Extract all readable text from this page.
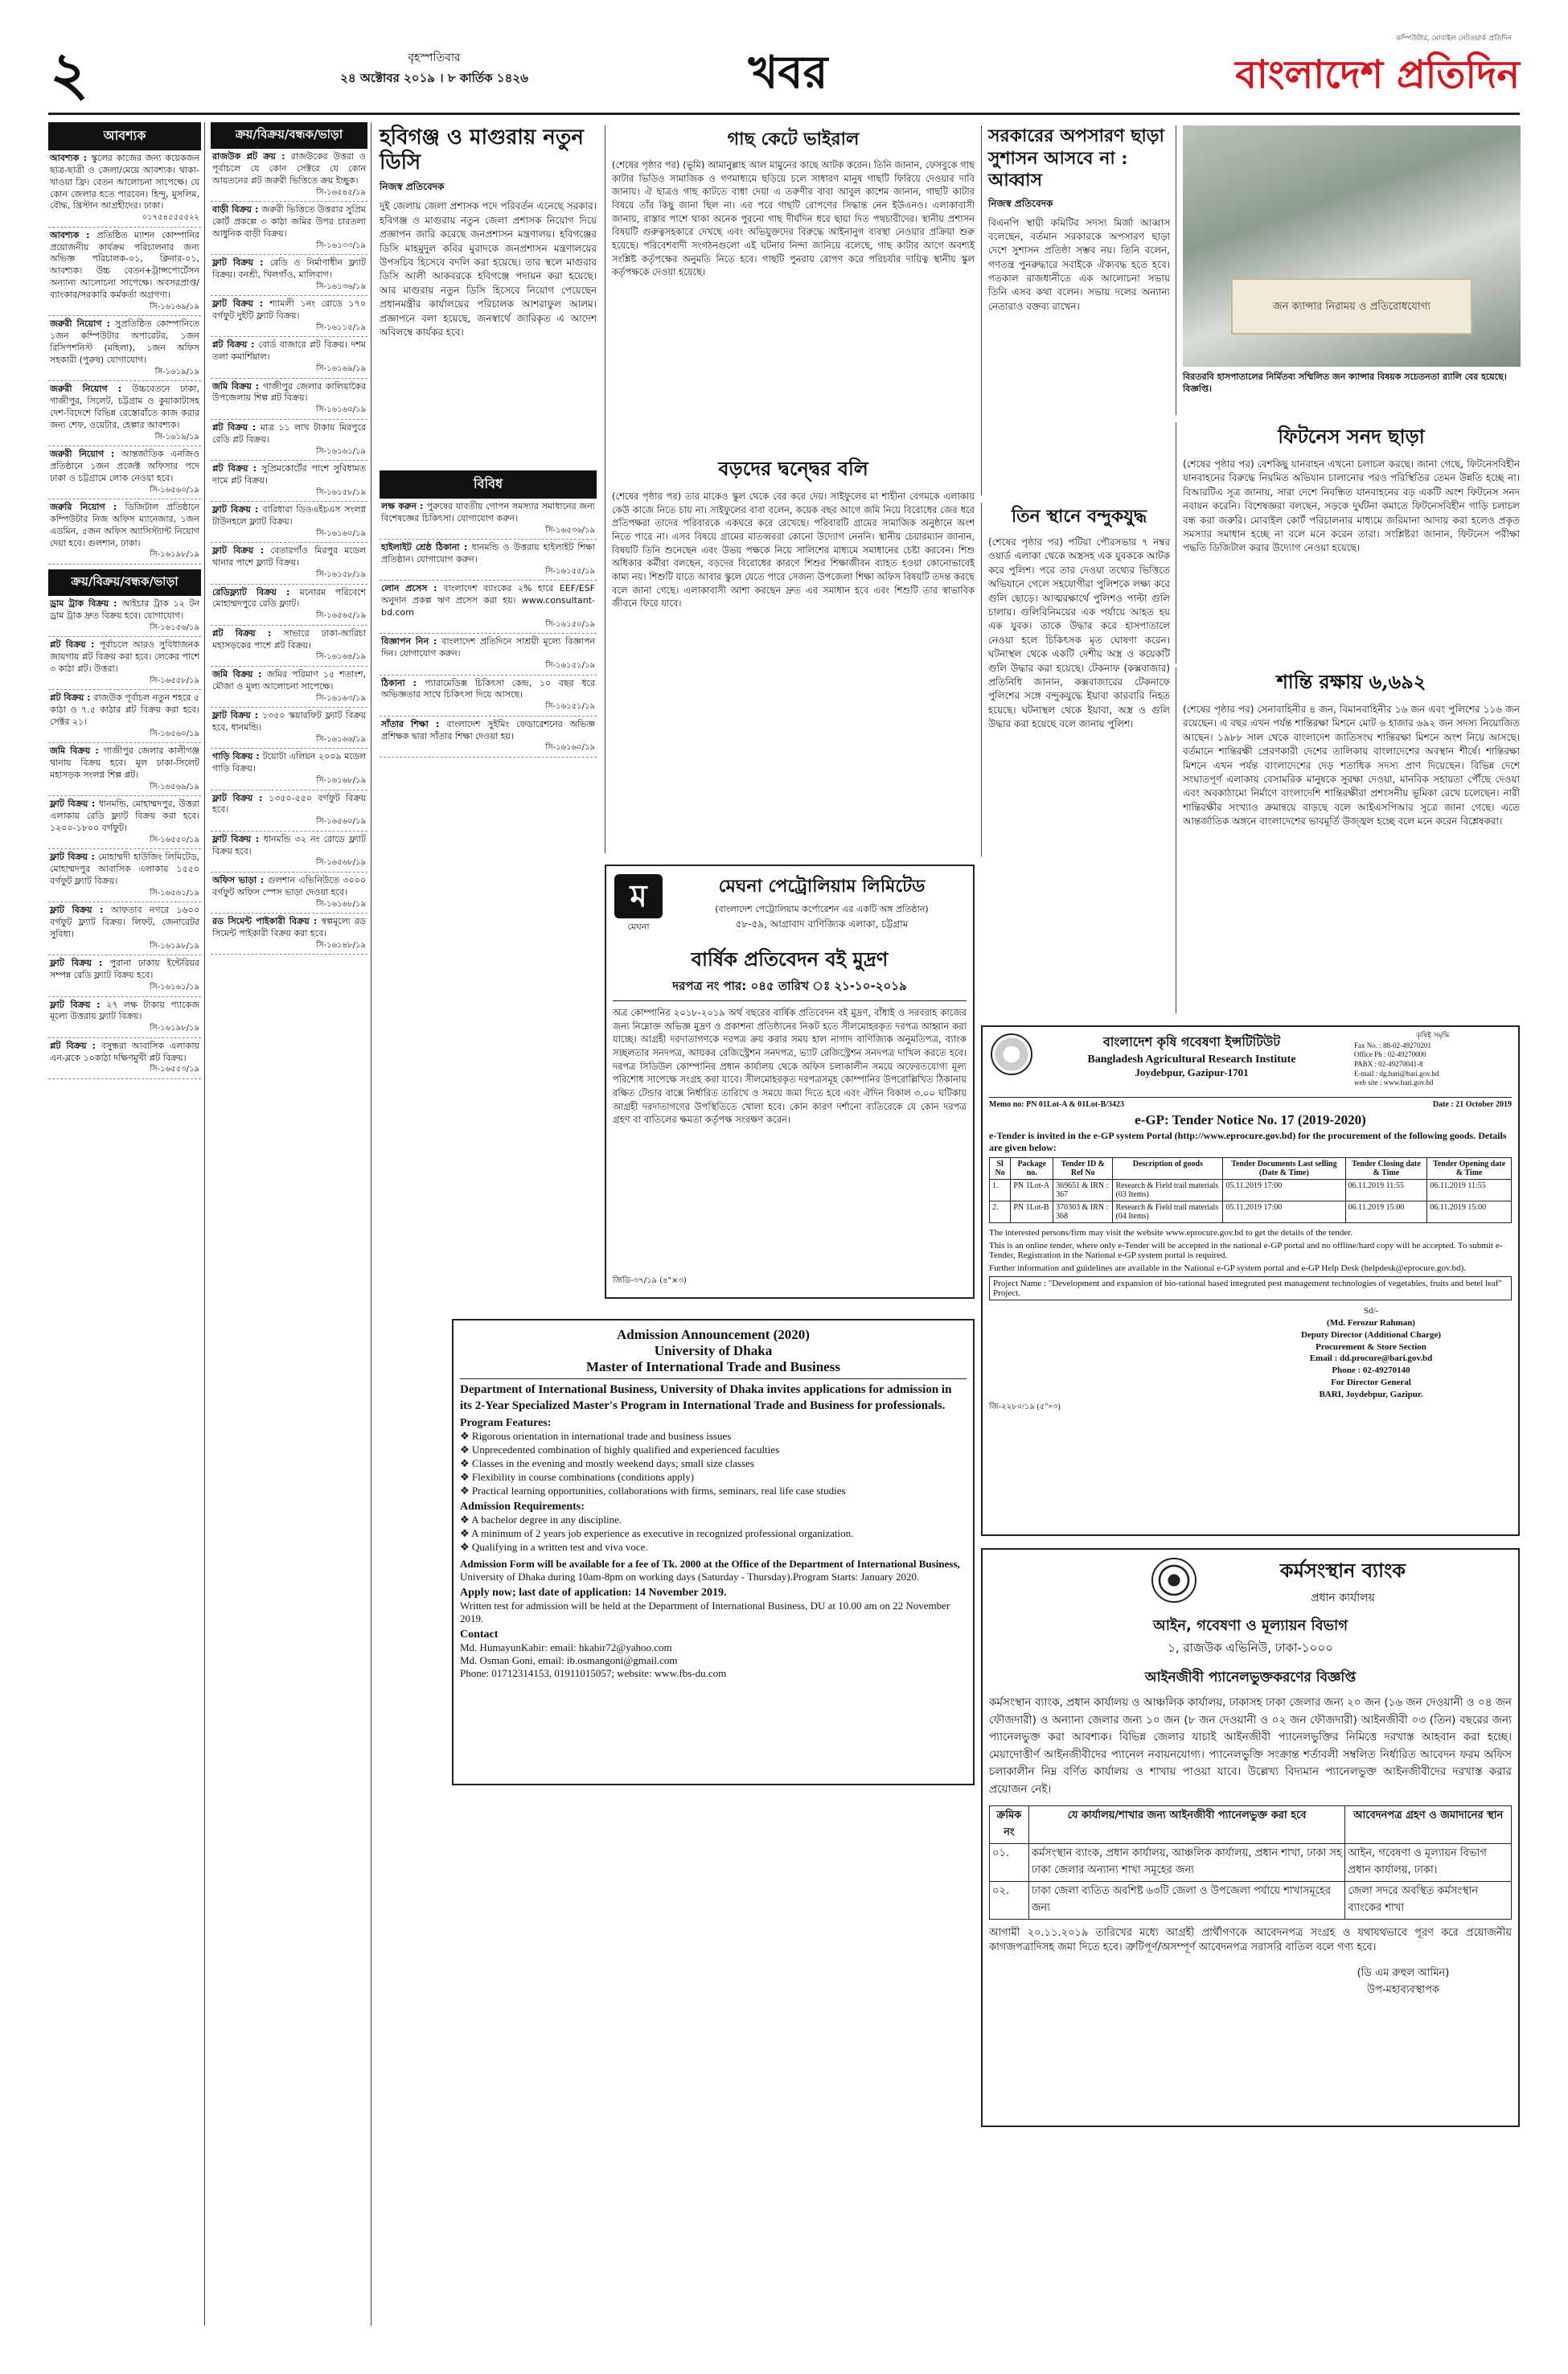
২	বৃহস্পতিবার
২৪ অক্টোবর ২০১৯ । ৮ কার্তিক ১৪২৬	খবর
কম্পিউটার, মোবাইল নেটওয়ার্ক প্রতিদিন
বাংলাদেশ প্রতিদিন
আবশ্যক
আবশ্যক : স্কুলের কাজের জন্য কয়েকজন ছাত্র-ছাত্রী ও জেলা/মেয়ে আবশ্যক। থাকা-খাওয়া ফ্রি। বেতন আলোচনা সাপেক্ষে। যে কোন জেলার হতে পারবেন। হিন্দু, মুসলিম, বৌদ্ধ, খ্রিস্টান আগ্রহীদের। ঢাকা।
০১৭৫৪৫৫৫৫২২
আবশ্যক : প্রতিষ্ঠিত ম্যাশন কোম্পানির প্রয়োজনীয় কার্যক্রম পরিচালনার জন্য অভিজ্ঞ পরিচালক-০১, ক্লিনার-০১, আবশ্যক। উচ্চ বেতন+ট্রান্সপোর্টেসন অন্যান্য আলোচনা সাপেক্ষে। অবসরপ্রাপ্ত/ব্যাংকার/সরকারি কর্মকর্তা অগ্রগণ্য।
সি-১৬১৬৯/১৯
জরুরী নিয়োগ : সুপ্রতিষ্ঠিত কোম্পানিতে ১জন কম্পিউটার অপারেটর, ১জন রিসিপশনিস্ট (মহিলা), ১জন অফিস সহকারী (পুরুষ) যোগাযোগ।
সি-১৬১৯/১৯
জরুরী নিয়োগ : উচ্চবেতনে ঢাকা, গাজীপুর, সিলেট, চট্টগ্রাম ও কুয়াকাটাসহ দেশ-বিদেশে বিভিন্ন রেস্তোরাঁতে কাজ করার জন্য শেফ, ওয়েটার, হেল্পার আবশ্যক।
সি-১৬১৯/১৯
জরুরী নিয়োগ : আন্তর্জাতিক এনজিও প্রতিষ্ঠানে ১জন প্রজেক্ট অফিসার পদে ঢাকা ও চট্টগ্রামে লোক নেওয়া হবে।
সি-১৬৫৬০/১৯
জরুরি নিয়োগ : ডিজিটাল প্রতিষ্ঠানে কম্পিউটার নিজ অফিস ম্যানেজার, ১জন এডমিন, ৫জন অফিস অ্যাসিস্ট্যান্ট নিয়োগ দেয়া হবে। গুলশান, ঢাকা।
সি-১৬১৯৮/১৯
ক্রয়/বিক্রয়/বন্ধক/ভাড়া
ড্রাম ট্রাক বিক্রয় : আইচার ট্রাক ১২ টন ড্রাম ট্রাক দ্রুত বিক্রয় হবে। যোগাযোগ।
সি-১৬১৫৬/১৯
প্লট বিক্রয় : পূর্বাচলে আরও সুবিধাজনক জায়গায় প্লট বিক্রয় করা হবে। লেকের পাশে ৩ কাঠা প্লট। উত্তরা।
সি-১৬৫৫৮/১৯
প্লট বিক্রয় : রাজউক পূর্বাচল নতুন শহরে ৫ কাঠা ও ৭.৫ কাঠার প্লট বিক্রয় করা হবে। সেক্টর ২১।
সি-১৬৫৬০/১৯
জমি বিক্রয় : গাজীপুর জেলার কালীগঞ্জ থানায় বিক্রয় হবে। মূল ঢাকা-সিলেট মহাসড়ক সংলগ্ন শিল্প প্লট।
সি-১৬৫৬৯/১৯
ফ্লাট বিক্রয় : ধানমন্ডি, মোহাম্মদপুর, উত্তরা এলাকায় রেডি ফ্ল্যাট বিক্রয় করা হবে। ১২০০-১৮০০ বর্গফুট।
সি-১৬৫৫০/১৯
ফ্লাট বিক্রয় : মোহাম্মদী হাউজিং লিমিটেড, মোহাম্মদপুর আবাসিক এলাকায় ১৫৫০ বর্গফুট ফ্ল্যাট বিক্রয়।
সি-১৬৫৬১/১৯
ফ্লাট বিক্রয় : আফতাব নগরে ১৬০০ বর্গফুট ফ্ল্যাট বিক্রয়। লিফট, জেনারেটর সুবিধা।
সি-১৬১৯৮/১৯
ফ্লাট বিক্রয় : পুরানা ঢাকায় ইন্টেরিয়র সম্পন্ন রেডি ফ্ল্যাট বিক্রয় হবে।
সি-১৬১৬১/১৯
ফ্লাট বিক্রয় : ২৭ লক্ষ টাকায় প্যাকেজ মূল্যে উত্তরায় ফ্ল্যাট বিক্রয়।
সি-১৬১৯৮/১৯
প্লট বিক্রয় : বসুন্ধরা আবাসিক এলাকায় এন-ব্লকে ১০কাঠা দক্ষিণমুখী প্লট বিক্রয়।
সি-১৬৫৫৩/১৯
ক্রয়/বিক্রয়/বন্ধক/ভাড়া
রাজউক প্লট ক্রয় : রাজউকের উত্তরা ও পূর্বাচলে যে কোন সেক্টরে যে কোন আয়তনের প্লট জরুরী ভিত্তিতে ক্রয় ইচ্ছুক।
সি-১৬৫৪৫/১৯
বাড়ী বিক্রয় : জরুরী ভিত্তিতে উত্তরার সুপ্রিম কোর্ট প্রকল্পে ৩ কাঠা জমির উপর চারতলা আধুনিক বাড়ী বিক্রয়।
সি-১৬১৩৩/১৯
ফ্লাট বিক্রয় : রেডি ও নির্মাণাধীন ফ্ল্যাট বিক্রয়। বনশ্রী, খিলগাঁও, মালিবাগ।
সি-১৬১৩৬/১৯
ফ্লাট বিক্রয় : শ্যামলী ১নং রোডে ১৭০ বর্গফুট দুইটি ফ্ল্যাট বিক্রয়।
সি-১৬১১৫/১৯
প্লট বিক্রয় : বোর্ড বাজারে প্লট বিক্রয়। দশম তলা কমার্শিয়াল।
সি-১৬১৬৯/১৯
জমি বিক্রয় : গাজীপুর জেলার কালিয়াকৈর উপজেলায় শিল্প প্লট বিক্রয়।
সি-১৬১৬০/১৯
প্লট বিক্রয় : মাত্র ১১ লাখ টাকায় মিরপুরে রেডি প্লট বিক্রয়।
সি-১৬১৬১/১৯
প্লট বিক্রয় : সুপ্রিমকোর্টের পাশে সুবিধামত দামে প্লট বিক্রয়।
সি-১৬১৫৮/১৯
ফ্লাট বিক্রয় : বারিধারা ডিওএইচএস সংলগ্ন টাউনহলে ফ্ল্যাট বিক্রয়।
সি-১৬১৬০/১৯
ফ্লাট বিক্রয় : বেতারগাঁও মিরপুর মডেল থানার পাশে ফ্ল্যাট বিক্রয়।
সি-১৬১৫৮/১৯
রেডিফ্ল্যাট বিক্রয় : মনোরম পরিবেশে মোহাম্মদপুরে রেডি ফ্ল্যাট।
সি-১৬৫৬৫/১৯
প্লট বিক্রয় : সাভারে ঢাকা-আরিচা মহাসড়কের পাশে প্লট বিক্রয়।
সি-১৬১৬৪/১৯
জমি বিক্রয় : জমির পরিমাণ ১৫ শতাংশ, মৌজা ও মূল্য আলোচনা সাপেক্ষে।
সি-১৬১৬৩/১৯
ফ্লাট বিক্রয় : ১৩৫০ স্কয়ারফিট ফ্ল্যাট বিক্রয় হবে, ধানমন্ডি।
সি-১৬১৬৬/১৯
গাড়ি বিক্রয় : টয়োটা এলিয়ন ২০০৯ মডেল গাড়ি বিক্রয়।
সি-১৬১৬৮/১৯
ফ্লাট বিক্রয় : ১৩৫০-৫৫০ বর্গফুট বিক্রয় হবে।
সি-১৬৫৬০/১৯
ফ্লাট বিক্রয় : ধানমন্ডি ৩২ নং রোডে ফ্ল্যাট বিক্রয় হবে।
সি-১৬৫৬৮/১৯
অফিস ভাড়া : গুলশান এভিনিউতে ৩০০০ বর্গফুট অফিস স্পেস ভাড়া দেওয়া হবে।
সি-১৬১৬৮/১৯
রড সিমেন্ট পাইকারী বিক্রয় : স্বল্পমূল্যে রড সিমেন্ট পাইকারী বিক্রয় করা হবে।
সি-১৬১৪৮/১৯
হবিগঞ্জ ও মাগুরায় নতুন ডিসি
নিজস্ব প্রতিবেদক
দুই জেলায় জেলা প্রশাসক পদে পরিবর্তন এনেছে সরকার। হবিগঞ্জ ও মাগুরায় নতুন জেলা প্রশাসক নিয়োগ দিয়ে প্রজ্ঞাপন জারি করেছে জনপ্রশাসন মন্ত্রণালয়। হবিগঞ্জের ডিসি মাহমুদুল কবির মুরাদকে জনপ্রশাসন মন্ত্রণালয়ের উপসচিব হিসেবে বদলি করা হয়েছে। তার স্থলে মাগুরার ডিসি আলী আকবরকে হবিগঞ্জে পদায়ন করা হয়েছে। আর মাগুরায় নতুন ডিসি হিসেবে নিয়োগ পেয়েছেন প্রধানমন্ত্রীর কার্যালয়ের পরিচালক আশরাফুল আলম। প্রজ্ঞাপনে বলা হয়েছে, জনস্বার্থে জারিকৃত এ আদেশ অবিলম্বে কার্যকর হবে।
বিবিধ
লক্ষ করুন : পুরুষের যাবতীয় গোপন সমস্যার সমাধানের জন্য বিশেষজ্ঞের চিকিৎসা। যোগাযোগ করুন।
সি-১৬৫৩৬/১৯
হাইলাইট শ্রেষ্ঠ ঠিকানা : ধানমন্ডি ও উত্তরায় হাইলাইট শিক্ষা প্রতিষ্ঠান। যোগাযোগ করুন।
সি-১৬১৫৫/১৯
লোন প্রসেস : বাংলাদেশ ব্যাংকের ২% হারে EEF/ESF অনুদান প্রকল্প ঋণ প্রসেস করা হয়। www.consultant-bd.com
সি-১৬১৫০/১৯
বিজ্ঞাপন নিন : বাংলাদেশ প্রতিদিনে সাশ্রয়ী মূল্যে বিজ্ঞাপন দিন। যোগাযোগ করুন।
সি-১৬১৫১/১৯
ঠিকানা : প্যারামেডিক্স চিকিৎসা কেন্দ্র, ১০ বছর ধরে অভিজ্ঞতার সাথে চিকিৎসা দিয়ে আসছে।
সি-১৬১৫১/১৯
সাঁতার শিক্ষা : বাংলাদেশ সুইমিং ফেডারেশনের অভিজ্ঞ প্রশিক্ষক দ্বারা সাঁতার শিক্ষা দেওয়া হয়।
সি-১৬১৬০/১৯
গাছ কেটে ভাইরাল
(শেষের পৃষ্ঠার পর) (ভূমি) আমানুল্লাহ আল মামুনের কাছে আটক করেন। তিনি জানান, ফেসবুকে গাছ কাটার ভিডিও সামাজিক ও গণমাধ্যমে ছড়িয়ে চলে সাধারণ মানুষ গাছটি ফিরিয়ে দেওয়ার দাবি জানায়। ঐ ছাত্রও গাছ কাটতে বাধা দেয়া এ তরুণীর বাবা আবুল কাশেম জানান, গাছটি কাটার বিষয়ে তাঁর কিছু জানা ছিল না। এর পরে গাছটি রোপণের সিদ্ধান্ত নেন ইউএনও। এলাকাবাসী জানায়, রাস্তার পাশে থাকা অনেক পুরনো গাছ দীর্ঘদিন ধরে ছায়া দিত পথচারীদের। স্থানীয় প্রশাসন বিষয়টি গুরুত্বসহকারে দেখছে এবং অভিযুক্তদের বিরুদ্ধে আইনানুগ ব্যবস্থা নেওয়ার প্রক্রিয়া শুরু হয়েছে। পরিবেশবাদী সংগঠনগুলো এই ঘটনার নিন্দা জানিয়ে বলেছে, গাছ কাটার আগে অবশ্যই সংশ্লিষ্ট কর্তৃপক্ষের অনুমতি নিতে হবে। গাছটি পুনরায় রোপণ করে পরিচর্যার দায়িত্ব স্থানীয় স্কুল কর্তৃপক্ষকে দেওয়া হয়েছে।
বড়দের দ্বন্দ্বের বলি
(শেষের পৃষ্ঠার পর) তার মাকেও স্কুল থেকে বের করে দেয়। সাইফুলের মা শাহীনা বেগমকে এলাকায় কেউ কাজে নিতে চায় না। সাইফুলের বাবা বলেন, কয়েক বছর আগে জমি নিয়ে বিরোধের জের ধরে প্রতিপক্ষরা তাদের পরিবারকে একঘরে করে রেখেছে। পরিবারটি গ্রামের সামাজিক অনুষ্ঠানে অংশ নিতে পারে না। এসব বিষয়ে গ্রামের মাতব্বররা কোনো উদ্যোগ নেননি। স্থানীয় চেয়ারম্যান জানান, বিষয়টি তিনি শুনেছেন এবং উভয় পক্ষকে নিয়ে সালিশের মাধ্যমে সমাধানের চেষ্টা করবেন। শিশু অধিকার কর্মীরা বলছেন, বড়দের বিরোধের কারণে শিশুর শিক্ষাজীবন ব্যাহত হওয়া কোনোভাবেই কাম্য নয়। শিশুটি যাতে আবার স্কুলে যেতে পারে সেজন্য উপজেলা শিক্ষা অফিস বিষয়টি তদন্ত করছে বলে জানা গেছে। এলাকাবাসী আশা করছেন দ্রুত এর সমাধান হবে এবং শিশুটি তার স্বাভাবিক জীবনে ফিরে যাবে।
সরকারের অপসারণ ছাড়া সুশাসন আসবে না : আব্বাস
নিজস্ব প্রতিবেদক
বিএনপি স্থায়ী কমিটির সদস্য মির্জা আব্বাস বলেছেন, বর্তমান সরকারকে অপসারণ ছাড়া দেশে সুশাসন প্রতিষ্ঠা সম্ভব নয়। তিনি বলেন, গণতন্ত্র পুনরুদ্ধারে সবাইকে ঐক্যবদ্ধ হতে হবে। গতকাল রাজধানীতে এক আলোচনা সভায় তিনি এসব কথা বলেন। সভায় দলের অন্যান্য নেতারাও বক্তব্য রাখেন।
তিন স্থানে বন্দুকযুদ্ধ
(শেষের পৃষ্ঠার পর) পটিয়া পৌরসভার ৭ নম্বর ওয়ার্ড এলাকা থেকে অস্ত্রসহ এক যুবককে আটক করে পুলিশ। পরে তার দেওয়া তথ্যের ভিত্তিতে অভিযানে গেলে সহযোগীরা পুলিশকে লক্ষ্য করে গুলি ছোড়ে। আত্মরক্ষার্থে পুলিশও পাল্টা গুলি চালায়। গুলিবিনিময়ের এক পর্যায়ে আহত হয় এক যুবক। তাকে উদ্ধার করে হাসপাতালে নেওয়া হলে চিকিৎসক মৃত ঘোষণা করেন। ঘটনাস্থল থেকে একটি দেশীয় অস্ত্র ও কয়েকটি গুলি উদ্ধার করা হয়েছে। টেকনাফ (কক্সবাজার) প্রতিনিধি জানান, কক্সবাজারের টেকনাফে পুলিশের সঙ্গে বন্দুকযুদ্ধে ইয়াবা কারবারি নিহত হয়েছে। ঘটনাস্থল থেকে ইয়াবা, অস্ত্র ও গুলি উদ্ধার করা হয়েছে বলে জানায় পুলিশ।
জন ক্যান্সার নিরাময় ও প্রতিরোধযোগ্য
বিরতরবি হাসপাতালের নির্মিতব্য সম্মিলিত জন ক্যান্সার বিষয়ক সচেতনতা র‍্যালি বের হয়েছে। বিজ্ঞপ্তি।
ফিটনেস সনদ ছাড়া
(শেষের পৃষ্ঠার পর) বেশকিছু যানবাহন এখনো চলাচল করছে। জানা গেছে, ফিটনেসবিহীন যানবাহনের বিরুদ্ধে নিয়মিত অভিযান চালানোর পরও পরিস্থিতির তেমন উন্নতি হচ্ছে না। বিআরটিএ সূত্র জানায়, সারা দেশে নিবন্ধিত যানবাহনের বড় একটি অংশ ফিটনেস সনদ নবায়ন করেনি। বিশেষজ্ঞরা বলছেন, সড়কে দুর্ঘটনা কমাতে ফিটনেসবিহীন গাড়ি চলাচল বন্ধ করা জরুরি। মোবাইল কোর্ট পরিচালনার মাধ্যমে জরিমানা আদায় করা হলেও প্রকৃত সমস্যার সমাধান হচ্ছে না বলে মনে করেন তারা। সংশ্লিষ্টরা জানান, ফিটনেস পরীক্ষা পদ্ধতি ডিজিটাল করার উদ্যোগ নেওয়া হয়েছে।
শান্তি রক্ষায় ৬,৬৯২
(শেষের পৃষ্ঠার পর) সেনাবাহিনীর ৪ জন, বিমানবাহিনীর ১৬ জন এবং পুলিশের ১১৬ জন রয়েছেন। এ বছর এখন পর্যন্ত শান্তিরক্ষা মিশনে মোট ৬ হাজার ৬৯২ জন সদস্য নিয়োজিত আছেন। ১৯৮৮ সাল থেকে বাংলাদেশ জাতিসংঘ শান্তিরক্ষা মিশনে অংশ নিয়ে আসছে। বর্তমানে শান্তিরক্ষী প্রেরণকারী দেশের তালিকায় বাংলাদেশের অবস্থান শীর্ষে। শান্তিরক্ষা মিশনে এখন পর্যন্ত বাংলাদেশের দেড় শতাধিক সদস্য প্রাণ দিয়েছেন। বিভিন্ন দেশে সংঘাতপূর্ণ এলাকায় বেসামরিক মানুষকে সুরক্ষা দেওয়া, মানবিক সহায়তা পৌঁছে দেওয়া এবং অবকাঠামো নির্মাণে বাংলাদেশি শান্তিরক্ষীরা প্রশংসনীয় ভূমিকা রেখে চলেছেন। নারী শান্তিরক্ষীর সংখ্যাও ক্রমান্বয়ে বাড়ছে বলে আইএসপিআর সূত্রে জানা গেছে। এতে আন্তর্জাতিক অঙ্গনে বাংলাদেশের ভাবমূর্তি উজ্জ্বল হচ্ছে বলে মনে করেন বিশ্লেষকরা।
ম
মেঘনা
মেঘনা পেট্রোলিয়াম লিমিটেড
(বাংলাদেশ পেট্রোলিয়াম কর্পোরেশন এর একটি অঙ্গ প্রতিষ্ঠান)
৫৮-৫৯, আগ্রাবাদ বাণিজ্যিক এলাকা, চট্টগ্রাম
বার্ষিক প্রতিবেদন বই মুদ্রণ
দরপত্র নং পার: ০৪৫ তারিখ ঃ ২১-১০-২০১৯
অত্র কোম্পানির ২০১৮-২০১৯ অর্থ বছরের বার্ষিক প্রতিবেদন বই মুদ্রণ, বাঁধাই ও সরবরাহ কাজের জন্য নিম্নোক্ত অভিজ্ঞ মুদ্রণ ও প্রকাশনা প্রতিষ্ঠানের নিকট হতে সীলমোহরকৃত দরপত্র আহ্বান করা যাচ্ছে। আগ্রহী দরদাতাগণকে দরপত্র ক্রয় করার সময় হাল নাগাদ বাণিজ্যিক অনুমতিপত্র, ব্যাংক সচ্ছলতার সনদপত্র, আয়কর রেজিস্ট্রেশন সনদপত্র, ভ্যাট রেজিস্ট্রেশন সনদপত্র দাখিল করতে হবে। দরপত্র সিডিউল কোম্পানির প্রধান কার্যালয় থেকে অফিস চলাকালীন সময়ে অফেরতযোগ্য মূল্য পরিশোধ সাপেক্ষে সংগ্রহ করা যাবে। সীলমোহরকৃত দরপত্রসমূহ কোম্পানির উপরোল্লিখিত ঠিকানায় রক্ষিত টেন্ডার বাক্সে নির্ধারিত তারিখে ও সময়ে জমা দিতে হবে এবং ঐদিন বিকাল ৩.০০ ঘটিকায় আগ্রহী দরদাতাগণের উপস্থিতিতে খোলা হবে। কোন কারণ দর্শানো ব্যতিরেকে যে কোন দরপত্র গ্রহণ বা বাতিলের ক্ষমতা কর্তৃপক্ষ সংরক্ষণ করেন।
জিডি-৩৭/১৯ (৪"×৩)
Admission Announcement (2020)
University of Dhaka
Master of International Trade and Business
Department of International Business, University of Dhaka invites applications for admission in its 2-Year Specialized Master's Program in International Trade and Business for professionals.
Program Features:
❖ Rigorous orientation in international trade and business issues
❖ Unprecedented combination of highly qualified and experienced faculties
❖ Classes in the evening and mostly weekend days; small size classes
❖ Flexibility in course combinations (conditions apply)
❖ Practical learning opportunities, collaborations with firms, seminars, real life case studies
Admission Requirements:
❖ A bachelor degree in any discipline.
❖ A minimum of 2 years job experience as executive in recognized professional organization.
❖ Qualifying in a written test and viva voce.
Admission Form will be available for a fee of Tk. 2000 at the Office of the Department of International Business,
University of Dhaka during 10am-8pm on working days (Saturday - Thursday).Program Starts: January 2020.
Apply now; last date of application: 14 November 2019.
Written test for admission will be held at the Department of International Business, DU at 10.00 am on 22 November 2019.
Contact
Md. HumayunKabir: email: hkabir72@yahoo.com
Md. Osman Goni, email: ib.osmangoni@gmail.com
Phone: 01712314153, 01911015057; website: www.fbs-du.com
বাংলাদেশ কৃষি গবেষণা ইন্সটিটিউট
Bangladesh Agricultural Research Institute
Joydebpur, Gazipur-1701
কৃষিই সমৃদ্ধি
Fax No. : 88-02-49270201
Office Ph : 02-49270000
PABX : 02-49270041-8
E-mail : dg.bari@bari.gov.bd
web site : www.bari.gov.bd
Memo no: PN 01Lot-A & 01Lot-B/3423	Date : 21 October 2019
e-GP: Tender Notice No. 17 (2019-2020)
e-Tender is invited in the e-GP system Portal (http://www.eprocure.gov.bd) for the procurement of the following goods. Details are given below:
Sl No	Package no.	Tender ID & Ref No	Description of goods	Tender Documents Last selling (Date & Time)	Tender Closing date & Time	Tender Opening date & Time
1.	PN 1Lot-A	369651 & IRN : 367	Research & Field trail materials (03 Items)	05.11.2019 17:00	06.11.2019 11:55	06.11.2019 11:55
2.	PN 1Lot-B	370303 & IRN : 368	Research & Field trail materials (04 Items)	05.11.2019 17:00	06.11.2019 15:00	06.11.2019 15:00
The interested persons/firm may visit the website www.eprocure.gov.bd to get the details of the tender.
This is an online tender, where only e-Tender will be accepted in the national e-GP portal and no offline/hard copy will be accepted. To submit e-Tender, Registration in the National e-GP system portal is required.
Further information and guidelines are available in the National e-GP system portal and e-GP Help Desk (helpdesk@eprocure.gov.bd).
Project Name : "Development and expansion of bio-rational based integrated pest management technologies of vegetables, fruits and betel leaf" Project.
Sd/-
(Md. Ferozur Rahman)
Deputy Director (Additional Charge)
Procurement & Store Section
Email : dd.procure@bari.gov.bd
Phone : 02-49270140
For Director General
BARI, Joydebpur, Gazipur.
জি-২২৮০/১৯ (৫"×৩)
কর্মসংস্থান ব্যাংক
প্রধান কার্যালয়
আইন, গবেষণা ও মূল্যায়ন বিভাগ
১, রাজউক এভিনিউ, ঢাকা-১০০০
আইনজীবী প্যানেলভুক্তকরণের বিজ্ঞপ্তি
কর্মসংস্থান ব্যাংক, প্রধান কার্যালয় ও আঞ্চলিক কার্যালয়, ঢাকাসহ ঢাকা জেলার জন্য ২০ জন (১৬ জন দেওয়ানী ও ০৪ জন ফৌজদারী) ও অন্যান্য জেলার জন্য ১০ জন (৮ জন দেওয়ানী ও ০২ জন ফৌজদারী) আইনজীবী ০৩ (তিন) বছরের জন্য প্যানেলভুক্ত করা আবশ্যক। বিভিন্ন জেলার যাচাই আইনজীবী প্যানেলভুক্তির নিমিত্তে দরখাস্ত আহবান করা হচ্ছে। মেয়াদোত্তীর্ণ আইনজীবীদের প্যানেল নবায়নযোগ্য। প্যানেলভুক্তি সংক্রান্ত শর্তাবলী সম্বলিত নির্ধারিত আবেদন ফরম অফিস চলাকালীন নিম্ন বর্ণিত কার্যালয় ও শাখায় পাওয়া যাবে। উল্লেখ্য বিদ্যমান প্যানেলভুক্ত আইনজীবীদের দরখাস্ত করার প্রয়োজন নেই।
ক্রমিক নং	যে কার্যালয়/শাখার জন্য আইনজীবী প্যানেলভুক্ত করা হবে	আবেদনপত্র গ্রহণ ও জমাদানের স্থান
০১.	কর্মসংস্থান ব্যাংক, প্রধান কার্যালয়, আঞ্চলিক কার্যালয়, প্রধান শাখা, ঢাকা সহ ঢাকা জেলার অন্যান্য শাখা সমূহের জন্য	আইন, গবেষণা ও মূল্যায়ন বিভাগ প্রধান কার্যালয়, ঢাকা।
০২.	ঢাকা জেলা ব্যতিত অবশিষ্ট ৬৩টি জেলা ও উপজেলা পর্যায়ে শাখাসমূহের জন্য	জেলা সদরে অবস্থিত কর্মসংস্থান ব্যাংকের শাখা
আগামী ২০.১১.২০১৯ তারিখের মধ্যে আগ্রহী প্রার্থীগণকে আবেদনপত্র সংগ্রহ ও যথাযথভাবে পূরণ করে প্রয়োজনীয় কাগজপত্রাদিসহ জমা দিতে হবে। ত্রুটিপূর্ণ/অসম্পূর্ণ আবেদনপত্র সরাসরি বাতিল বলে গণ্য হবে।
(ডি এম রুহুল আমিন)
উপ-মহাব্যবস্থাপক
